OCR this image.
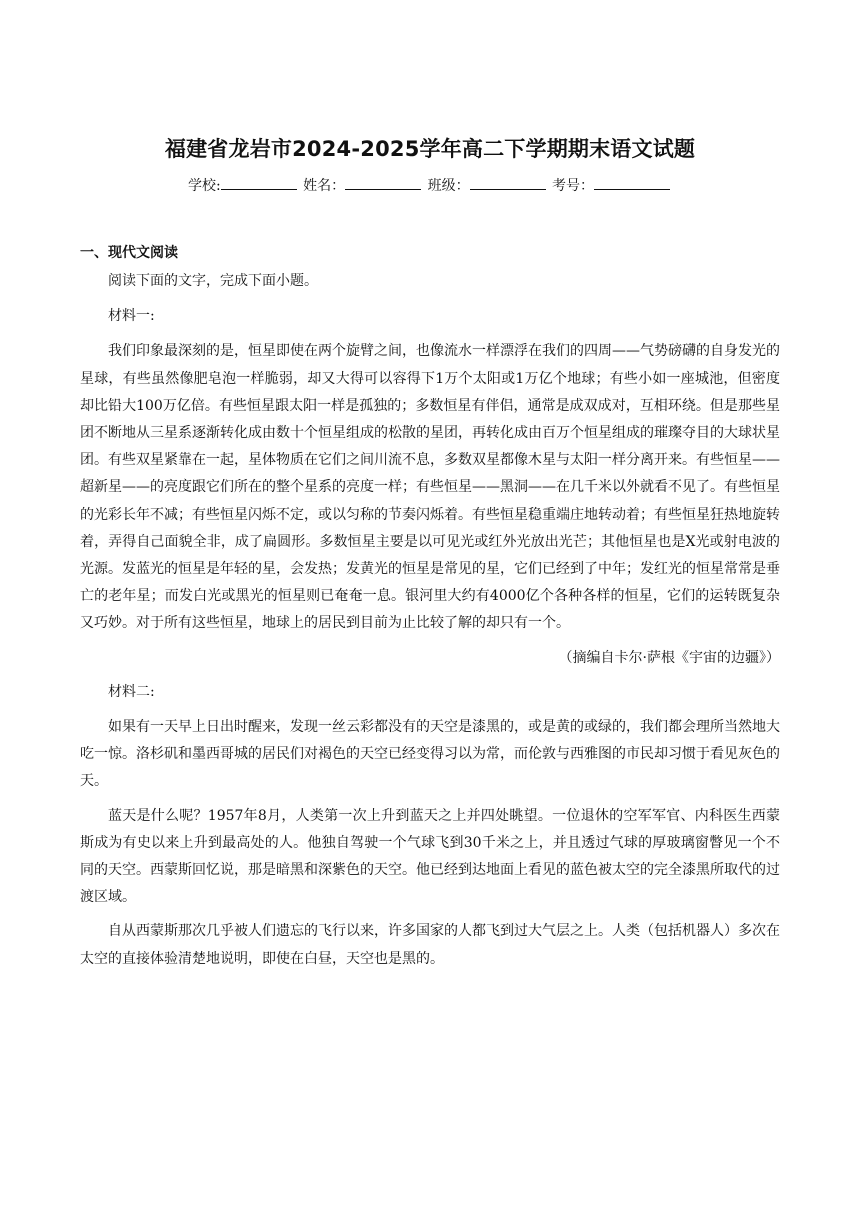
福建省龙岩市2024-2025学年高二下学期期末语文试题
学校:	姓名：	班级：	考号：
一、现代文阅读

阅读下面的文字，完成下面小题。

材料一:

我们印象最深刻的是，恒星即使在两个旋臂之间，也像流水一样漂浮在我们的四周——气势磅礴的自身发光的星球，有些虽然像肥皂泡一样脆弱，却又大得可以容得下1万个太阳或1万亿个地球；有些小如一座城池，但密度却比铅大100万亿倍。有些恒星跟太阳一样是孤独的；多数恒星有伴侣，通常是成双成对，互相环绕。但是那些星团不断地从三星系逐渐转化成由数十个恒星组成的松散的星团，再转化成由百万个恒星组成的璀璨夺目的大球状星团。有些双星紧靠在一起，星体物质在它们之间川流不息，多数双星都像木星与太阳一样分离开来。有些恒星——超新星——的亮度跟它们所在的整个星系的亮度一样；有些恒星——黑洞——在几千米以外就看不见了。有些恒星的光彩长年不减；有些恒星闪烁不定，或以匀称的节奏闪烁着。有些恒星稳重端庄地转动着；有些恒星狂热地旋转着，弄得自己面貌全非，成了扁圆形。多数恒星主要是以可见光或红外光放出光芒；其他恒星也是X光或射电波的光源。发蓝光的恒星是年轻的星，会发热；发黄光的恒星是常见的星，它们已经到了中年；发红光的恒星常常是垂亡的老年星；而发白光或黑光的恒星则已奄奄一息。银河里大约有4000亿个各种各样的恒星，它们的运转既复杂又巧妙。对于所有这些恒星，地球上的居民到目前为止比较了解的却只有一个。

（摘编自卡尔·萨根《宇宙的边疆》）

材料二:

如果有一天早上日出时醒来，发现一丝云彩都没有的天空是漆黑的，或是黄的或绿的，我们都会理所当然地大吃一惊。洛杉矶和墨西哥城的居民们对褐色的天空已经变得习以为常，而伦敦与西雅图的市民却习惯于看见灰色的天。

蓝天是什么呢？1957年8月，人类第一次上升到蓝天之上并四处眺望。一位退休的空军军官、内科医生西蒙斯成为有史以来上升到最高处的人。他独自驾驶一个气球飞到30千米之上，并且透过气球的厚玻璃窗瞥见一个不同的天空。西蒙斯回忆说，那是暗黑和深紫色的天空。他已经到达地面上看见的蓝色被太空的完全漆黑所取代的过渡区域。

自从西蒙斯那次几乎被人们遗忘的飞行以来，许多国家的人都飞到过大气层之上。人类（包括机器人）多次在太空的直接体验清楚地说明，即使在白昼，天空也是黑的。
